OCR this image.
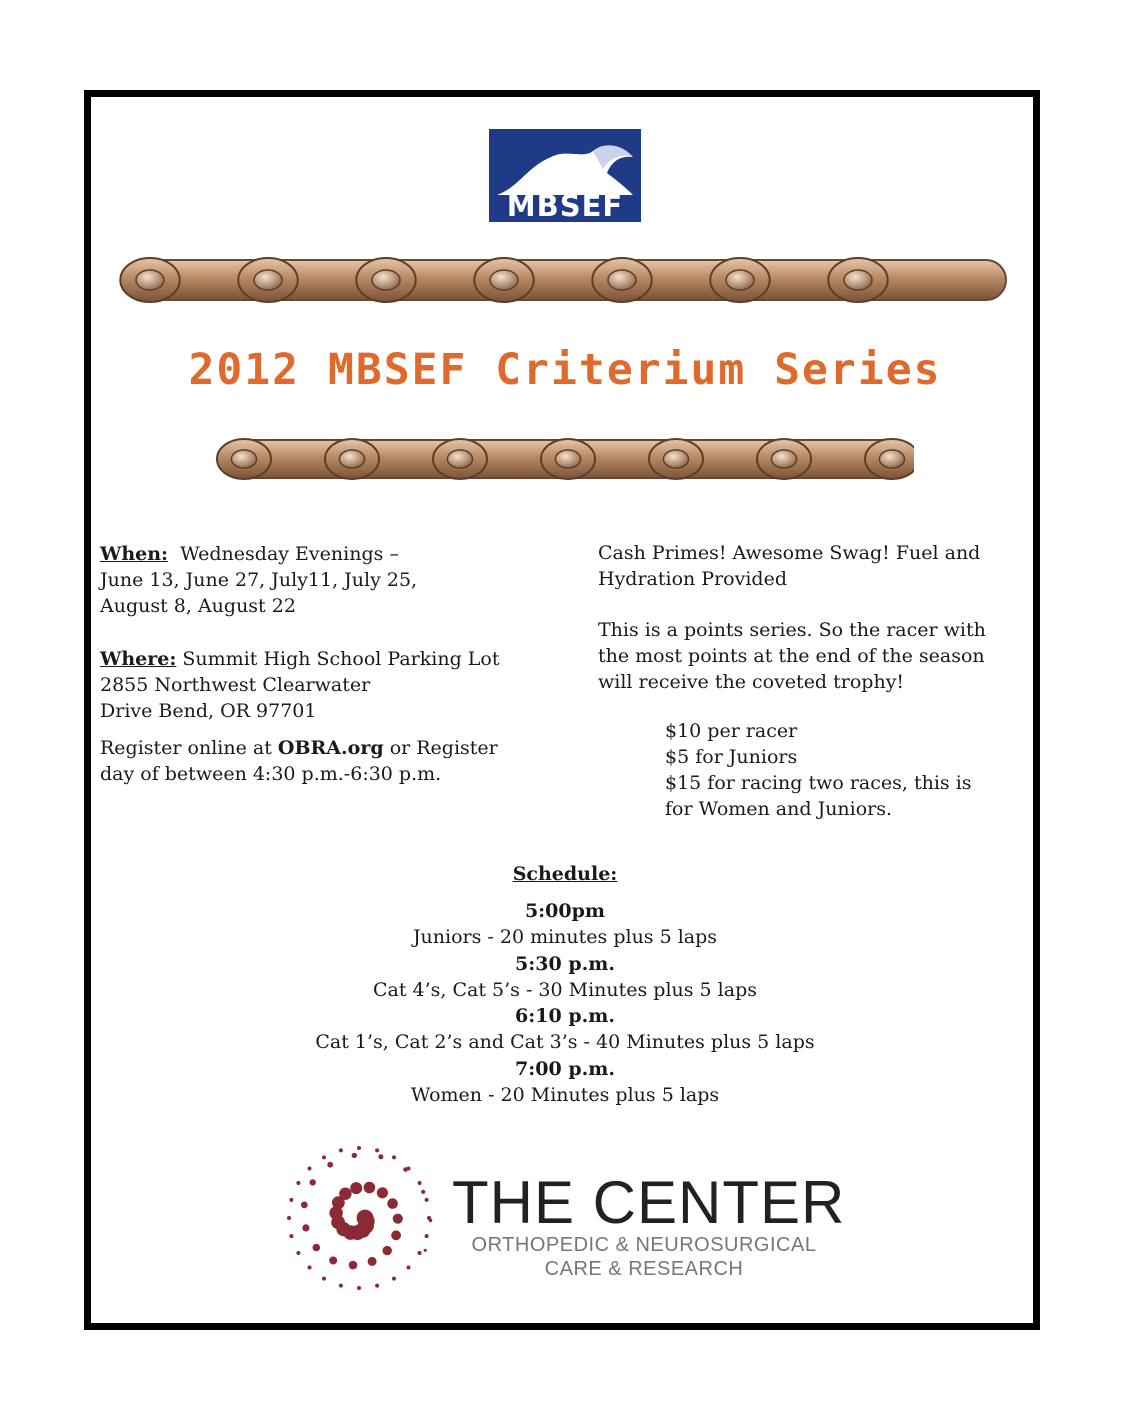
MBSEF
2012 MBSEF Criterium Series
When: Wednesday Evenings –
June 13, June 27, July11, July 25,
August 8, August 22
Where: Summit High School Parking Lot
2855 Northwest Clearwater
Drive Bend, OR 97701
Register online at OBRA.org or Register
day of between 4:30 p.m.-6:30 p.m.
Cash Primes! Awesome Swag! Fuel and
Hydration Provided
This is a points series. So the racer with
the most points at the end of the season
will receive the coveted trophy!
$10 per racer
$5 for Juniors
$15 for racing two races, this is
for Women and Juniors.
Schedule:
5:00pm
Juniors - 20 minutes plus 5 laps
5:30 p.m.
Cat 4’s, Cat 5’s - 30 Minutes plus 5 laps
6:10 p.m.
Cat 1’s, Cat 2’s and Cat 3’s - 40 Minutes plus 5 laps
7:00 p.m.
Women - 20 Minutes plus 5 laps
THE CENTER
ORTHOPEDIC & NEUROSURGICAL
CARE & RESEARCH
